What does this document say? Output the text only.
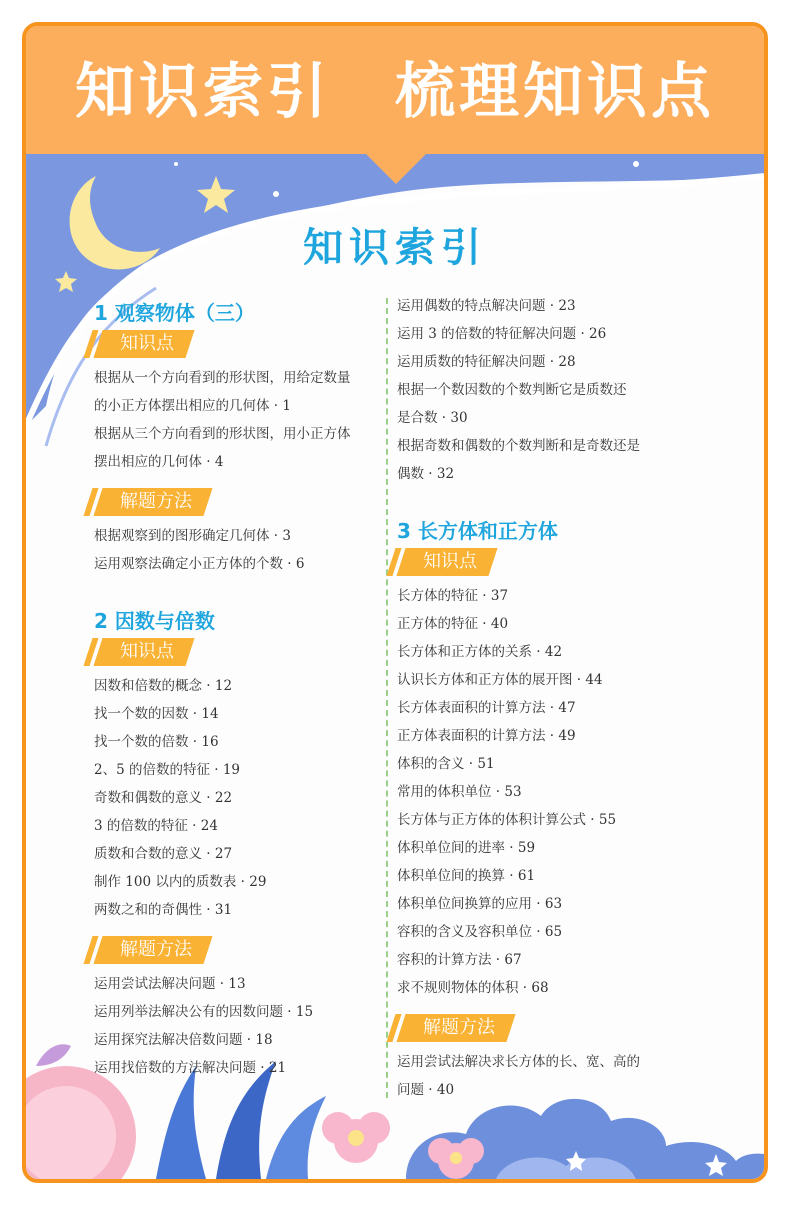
知识索引　梳理知识点
知识索引

1 观察物体（三）

知识点

根据从一个方向看到的形状图，用给定数量

的小正方体摆出相应的几何体 · 1

根据从三个方向看到的形状图，用小正方体

摆出相应的几何体 · 4

解题方法

根据观察到的图形确定几何体 · 3

运用观察法确定小正方体的个数 · 6

2 因数与倍数

知识点

因数和倍数的概念 · 12

找一个数的因数 · 14

找一个数的倍数 · 16

2、5 的倍数的特征 · 19

奇数和偶数的意义 · 22

3 的倍数的特征 · 24

质数和合数的意义 · 27

制作 100 以内的质数表 · 29

两数之和的奇偶性 · 31

解题方法

运用尝试法解决问题 · 13

运用列举法解决公有的因数问题 · 15

运用探究法解决倍数问题 · 18

运用找倍数的方法解决问题 · 21

运用偶数的特点解决问题 · 23

运用 3 的倍数的特征解决问题 · 26

运用质数的特征解决问题 · 28

根据一个数因数的个数判断它是质数还

是合数 · 30

根据奇数和偶数的个数判断和是奇数还是

偶数 · 32

3 长方体和正方体

知识点

长方体的特征 · 37

正方体的特征 · 40

长方体和正方体的关系 · 42

认识长方体和正方体的展开图 · 44

长方体表面积的计算方法 · 47

正方体表面积的计算方法 · 49

体积的含义 · 51

常用的体积单位 · 53

长方体与正方体的体积计算公式 · 55

体积单位间的进率 · 59

体积单位间的换算 · 61

体积单位间换算的应用 · 63

容积的含义及容积单位 · 65

容积的计算方法 · 67

求不规则物体的体积 · 68

解题方法

运用尝试法解决求长方体的长、宽、高的

问题 · 40
